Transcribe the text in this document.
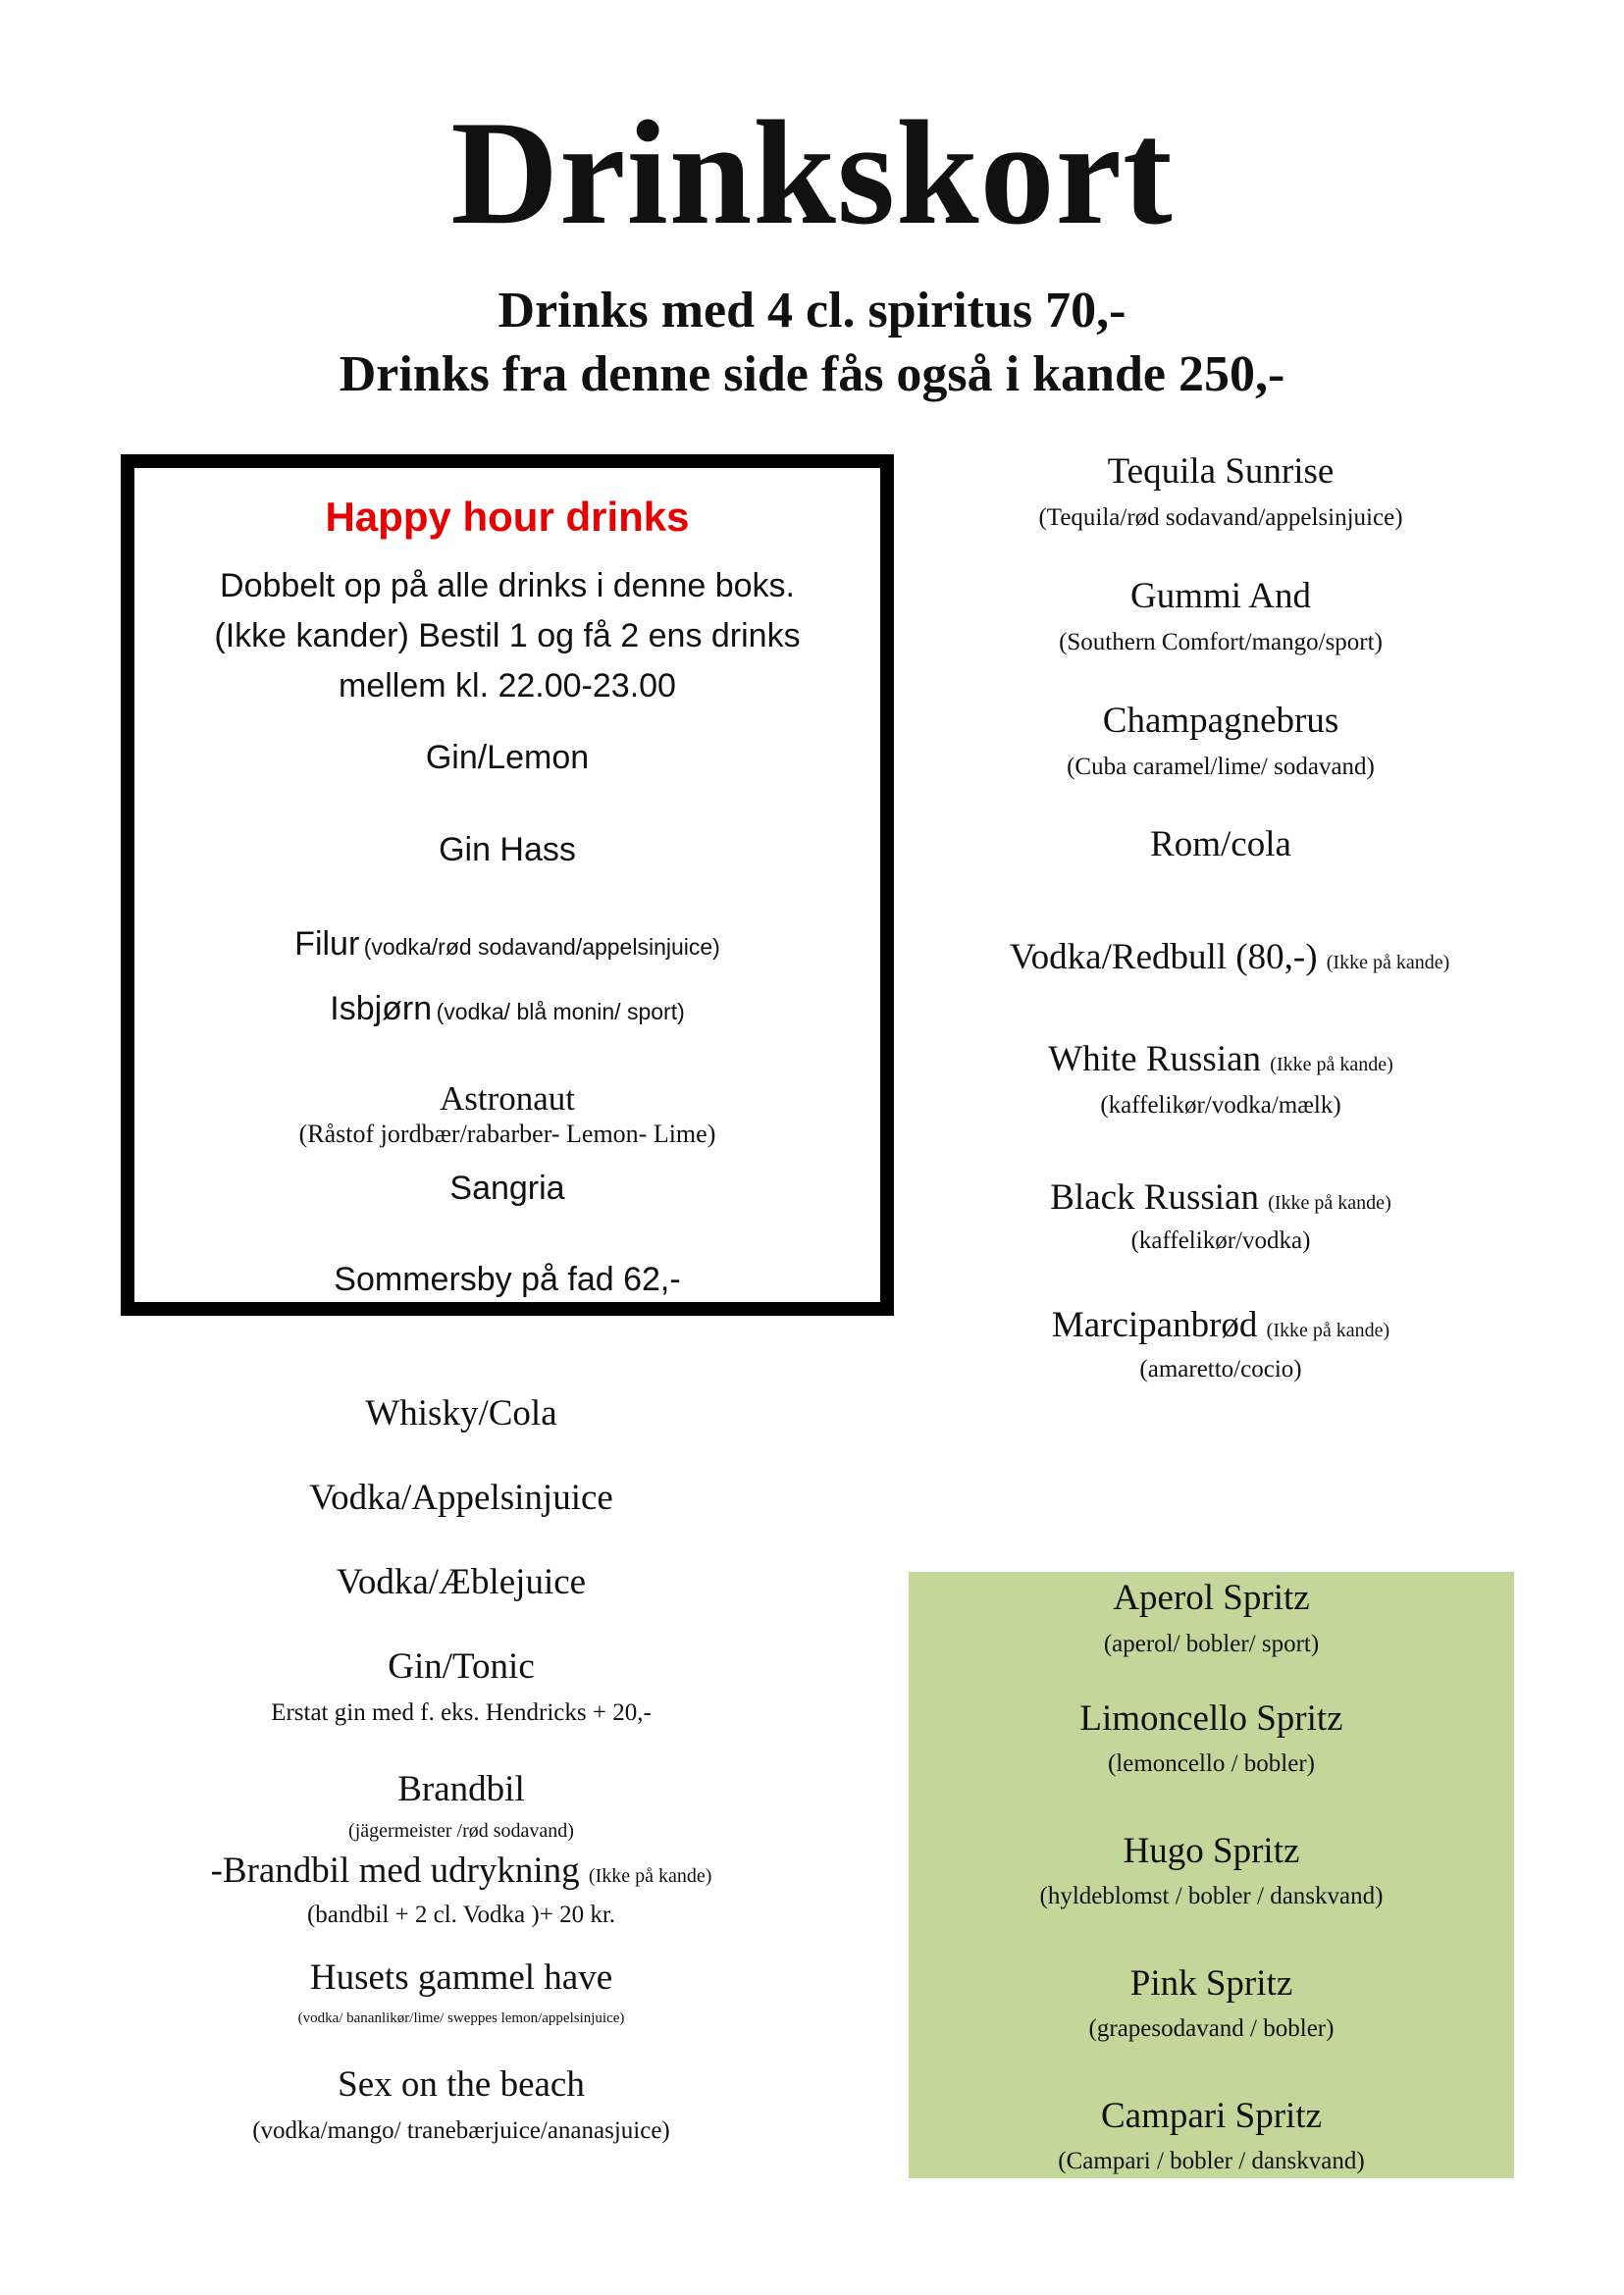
Drinkskort
Drinks med 4 cl. spiritus 70,-
Drinks fra denne side fås også i kande 250,-
Happy hour drinks
Dobbelt op på alle drinks i denne boks.
(Ikke kander) Bestil 1 og få 2 ens drinks
mellem kl. 22.00-23.00
Gin/Lemon
Gin Hass
Filur (vodka/rød sodavand/appelsinjuice)
Isbjørn (vodka/ blå monin/ sport)
Astronaut
(Råstof jordbær/rabarber- Lemon- Lime)
Sangria
Sommersby på fad 62,-
Tequila Sunrise
(Tequila/rød sodavand/appelsinjuice)
Gummi And
(Southern Comfort/mango/sport)
Champagnebrus
(Cuba caramel/lime/ sodavand)
Rom/cola
Vodka/Redbull (80,-) (Ikke på kande)
White Russian (Ikke på kande)
(kaffelikør/vodka/mælk)
Black Russian (Ikke på kande)
(kaffelikør/vodka)
Marcipanbrød (Ikke på kande)
(amaretto/cocio)
Whisky/Cola
Vodka/Appelsinjuice
Vodka/Æblejuice
Gin/Tonic
Erstat gin med f. eks. Hendricks + 20,-
Brandbil
(jägermeister /rød sodavand)
-Brandbil med udrykning (Ikke på kande)
(bandbil + 2 cl. Vodka )+ 20 kr.
Husets gammel have
(vodka/ bananlikør/lime/ sweppes lemon/appelsinjuice)
Sex on the beach
(vodka/mango/ tranebærjuice/ananasjuice)
Aperol Spritz
(aperol/ bobler/ sport)
Limoncello Spritz
(lemoncello / bobler)
Hugo Spritz
(hyldeblomst / bobler / danskvand)
Pink Spritz
(grapesodavand / bobler)
Campari Spritz
(Campari / bobler / danskvand)
